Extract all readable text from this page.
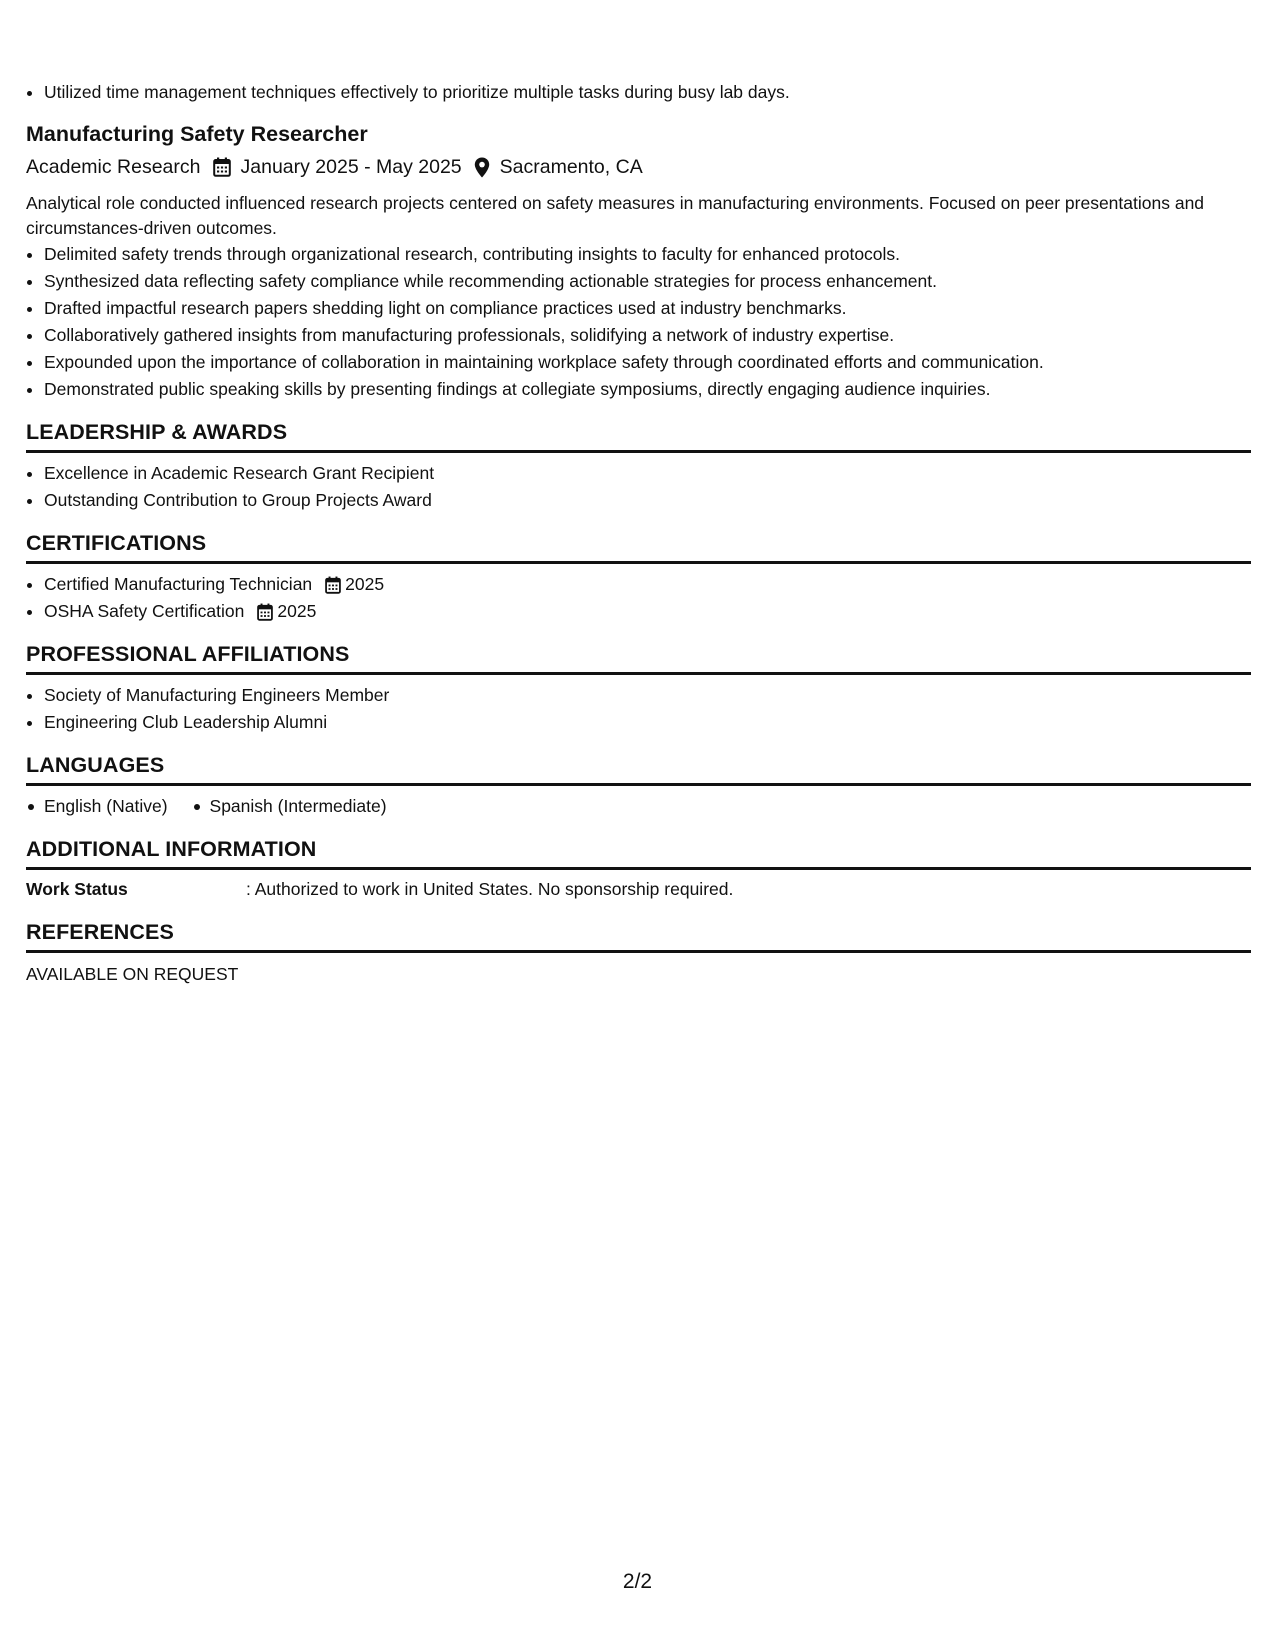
• Utilized time management techniques effectively to prioritize multiple tasks during busy lab days.
Manufacturing Safety Researcher
Academic Research January 2025 - May 2025 Sacramento, CA

Analytical role conducted influenced research projects centered on safety measures in manufacturing environments. Focused on peer presentations and circumstances-driven outcomes.

• Delimited safety trends through organizational research, contributing insights to faculty for enhanced protocols.
• Synthesized data reflecting safety compliance while recommending actionable strategies for process enhancement.
• Drafted impactful research papers shedding light on compliance practices used at industry benchmarks.
• Collaboratively gathered insights from manufacturing professionals, solidifying a network of industry expertise.
• Expounded upon the importance of collaboration in maintaining workplace safety through coordinated efforts and communication.
• Demonstrated public speaking skills by presenting findings at collegiate symposiums, directly engaging audience inquiries.
LEADERSHIP & AWARDS
• Excellence in Academic Research Grant Recipient
• Outstanding Contribution to Group Projects Award
CERTIFICATIONS
• Certified Manufacturing Technician 2025
• OSHA Safety Certification 2025
PROFESSIONAL AFFILIATIONS
• Society of Manufacturing Engineers Member
• Engineering Club Leadership Alumni
LANGUAGES
English (Native)	Spanish (Intermediate)
ADDITIONAL INFORMATION
Work Status	: Authorized to work in United States. No sponsorship required.
REFERENCES
AVAILABLE ON REQUEST
2/2
